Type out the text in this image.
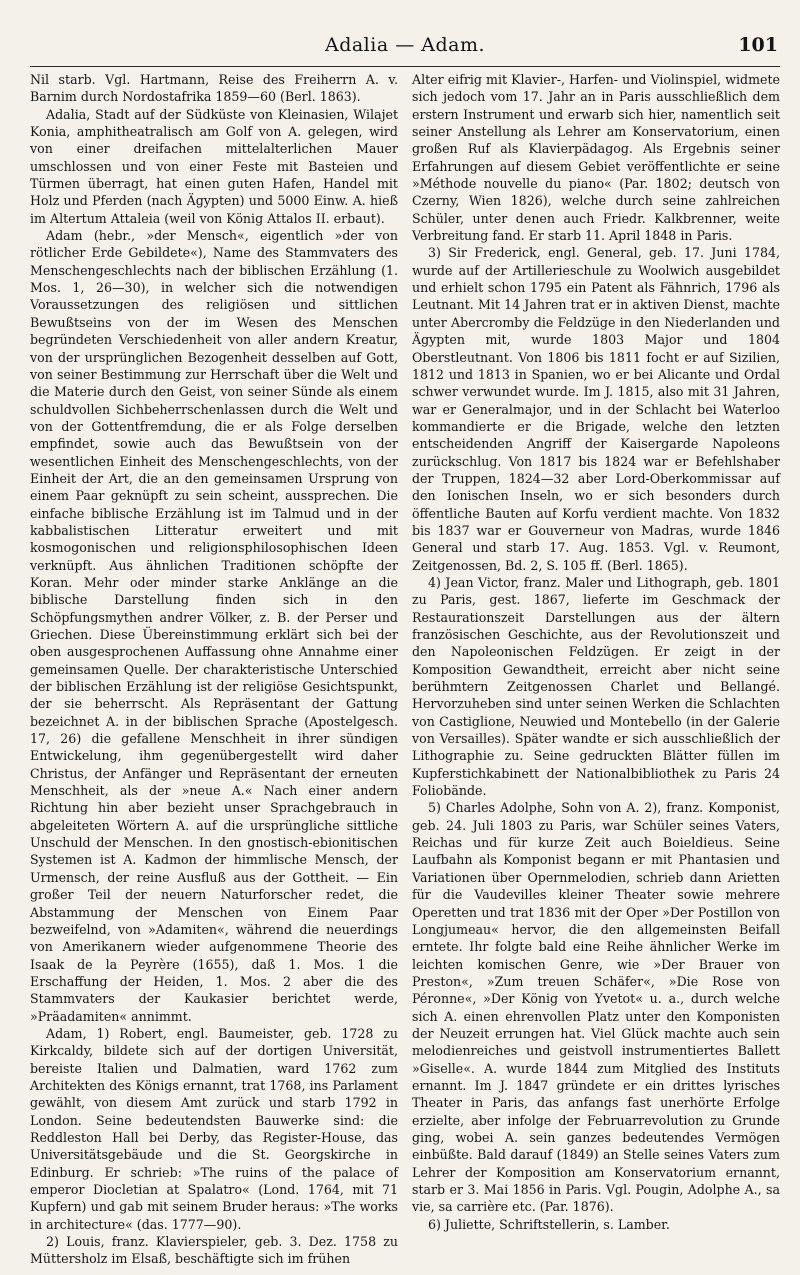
Adalia — Adam.	101

Nil starb. Vgl. Hartmann, Reise des Freiherrn A. v. Barnim durch Nordostafrika 1859—60 (Berl. 1863).

Adalia, Stadt auf der Südküste von Kleinasien, Wilajet Konia, amphitheatralisch am Golf von A. gelegen, wird von einer dreifachen mittelalterlichen Mauer umschlossen und von einer Feste mit Basteien und Türmen überragt, hat einen guten Hafen, Handel mit Holz und Pferden (nach Ägypten) und 5000 Einw. A. hieß im Altertum Attaleia (weil von König Attalos II. erbaut).

Adam (hebr., »der Mensch«, eigentlich »der von rötlicher Erde Gebildete«), Name des Stammvaters des Menschengeschlechts nach der biblischen Erzählung (1. Mos. 1, 26—30), in welcher sich die notwendigen Voraussetzungen des religiösen und sittlichen Bewußtseins von der im Wesen des Menschen begründeten Verschiedenheit von aller andern Kreatur, von der ursprünglichen Bezogenheit desselben auf Gott, von seiner Bestimmung zur Herrschaft über die Welt und die Materie durch den Geist, von seiner Sünde als einem schuldvollen Sichbeherrschenlassen durch die Welt und von der Gottentfremdung, die er als Folge derselben empfindet, sowie auch das Bewußtsein von der wesentlichen Einheit des Menschengeschlechts, von der Einheit der Art, die an den gemeinsamen Ursprung von einem Paar geknüpft zu sein scheint, aussprechen. Die einfache biblische Erzählung ist im Talmud und in der kabbalistischen Litteratur erweitert und mit kosmogonischen und religionsphilosophischen Ideen verknüpft. Aus ähnlichen Traditionen schöpfte der Koran. Mehr oder minder starke Anklänge an die biblische Darstellung finden sich in den Schöpfungsmythen andrer Völker, z. B. der Perser und Griechen. Diese Übereinstimmung erklärt sich bei der oben ausgesprochenen Auffassung ohne Annahme einer gemeinsamen Quelle. Der charakteristische Unterschied der biblischen Erzählung ist der religiöse Gesichtspunkt, der sie beherrscht. Als Repräsentant der Gattung bezeichnet A. in der biblischen Sprache (Apostelgesch. 17, 26) die gefallene Menschheit in ihrer sündigen Entwickelung, ihm gegenübergestellt wird daher Christus, der Anfänger und Repräsentant der erneuten Menschheit, als der »neue A.« Nach einer andern Richtung hin aber bezieht unser Sprachgebrauch in abgeleiteten Wörtern A. auf die ursprüngliche sittliche Unschuld der Menschen. In den gnostisch-ebionitischen Systemen ist A. Kadmon der himmlische Mensch, der Urmensch, der reine Ausfluß aus der Gottheit. — Ein großer Teil der neuern Naturforscher redet, die Abstammung der Menschen von Einem Paar bezweifelnd, von »Adamiten«, während die neuerdings von Amerikanern wieder aufgenommene Theorie des Isaak de la Peyrère (1655), daß 1. Mos. 1 die Erschaffung der Heiden, 1. Mos. 2 aber die des Stammvaters der Kaukasier berichtet werde, »Präadamiten« annimmt.

Adam, 1) Robert, engl. Baumeister, geb. 1728 zu Kirkcaldy, bildete sich auf der dortigen Universität, bereiste Italien und Dalmatien, ward 1762 zum Architekten des Königs ernannt, trat 1768, ins Parlament gewählt, von diesem Amt zurück und starb 1792 in London. Seine bedeutendsten Bauwerke sind: die Reddleston Hall bei Derby, das Register-House, das Universitätsgebäude und die St. Georgskirche in Edinburg. Er schrieb: »The ruins of the palace of emperor Diocletian at Spalatro« (Lond. 1764, mit 71 Kupfern) und gab mit seinem Bruder heraus: »The works in architecture« (das. 1777—90).

2) Louis, franz. Klavierspieler, geb. 3. Dez. 1758 zu Müttersholz im Elsaß, beschäftigte sich im frühen

Alter eifrig mit Klavier-, Harfen- und Violinspiel, widmete sich jedoch vom 17. Jahr an in Paris ausschließlich dem erstern Instrument und erwarb sich hier, namentlich seit seiner Anstellung als Lehrer am Konservatorium, einen großen Ruf als Klavierpädagog. Als Ergebnis seiner Erfahrungen auf diesem Gebiet veröffentlichte er seine »Méthode nouvelle du piano« (Par. 1802; deutsch von Czerny, Wien 1826), welche durch seine zahlreichen Schüler, unter denen auch Friedr. Kalkbrenner, weite Verbreitung fand. Er starb 11. April 1848 in Paris.

3) Sir Frederick, engl. General, geb. 17. Juni 1784, wurde auf der Artillerieschule zu Woolwich ausgebildet und erhielt schon 1795 ein Patent als Fähnrich, 1796 als Leutnant. Mit 14 Jahren trat er in aktiven Dienst, machte unter Abercromby die Feldzüge in den Niederlanden und Ägypten mit, wurde 1803 Major und 1804 Oberstleutnant. Von 1806 bis 1811 focht er auf Sizilien, 1812 und 1813 in Spanien, wo er bei Alicante und Ordal schwer verwundet wurde. Im J. 1815, also mit 31 Jahren, war er Generalmajor, und in der Schlacht bei Waterloo kommandierte er die Brigade, welche den letzten entscheidenden Angriff der Kaisergarde Napoleons zurückschlug. Von 1817 bis 1824 war er Befehlshaber der Truppen, 1824—32 aber Lord-Oberkommissar auf den Ionischen Inseln, wo er sich besonders durch öffentliche Bauten auf Korfu verdient machte. Von 1832 bis 1837 war er Gouverneur von Madras, wurde 1846 General und starb 17. Aug. 1853. Vgl. v. Reumont, Zeitgenossen, Bd. 2, S. 105 ff. (Berl. 1865).

4) Jean Victor, franz. Maler und Lithograph, geb. 1801 zu Paris, gest. 1867, lieferte im Geschmack der Restaurationszeit Darstellungen aus der ältern französischen Geschichte, aus der Revolutionszeit und den Napoleonischen Feldzügen. Er zeigt in der Komposition Gewandtheit, erreicht aber nicht seine berühmtern Zeitgenossen Charlet und Bellangé. Hervorzuheben sind unter seinen Werken die Schlachten von Castiglione, Neuwied und Montebello (in der Galerie von Versailles). Später wandte er sich ausschließlich der Lithographie zu. Seine gedruckten Blätter füllen im Kupferstichkabinett der Nationalbibliothek zu Paris 24 Foliobände.

5) Charles Adolphe, Sohn von A. 2), franz. Komponist, geb. 24. Juli 1803 zu Paris, war Schüler seines Vaters, Reichas und für kurze Zeit auch Boieldieus. Seine Laufbahn als Komponist begann er mit Phantasien und Variationen über Opernmelodien, schrieb dann Arietten für die Vaudevilles kleiner Theater sowie mehrere Operetten und trat 1836 mit der Oper »Der Postillon von Longjumeau« hervor, die den allgemeinsten Beifall erntete. Ihr folgte bald eine Reihe ähnlicher Werke im leichten komischen Genre, wie »Der Brauer von Preston«, »Zum treuen Schäfer«, »Die Rose von Péronne«, »Der König von Yvetot« u. a., durch welche sich A. einen ehrenvollen Platz unter den Komponisten der Neuzeit errungen hat. Viel Glück machte auch sein melodienreiches und geistvoll instrumentiertes Ballett »Giselle«. A. wurde 1844 zum Mitglied des Instituts ernannt. Im J. 1847 gründete er ein drittes lyrisches Theater in Paris, das anfangs fast unerhörte Erfolge erzielte, aber infolge der Februarrevolution zu Grunde ging, wobei A. sein ganzes bedeutendes Vermögen einbüßte. Bald darauf (1849) an Stelle seines Vaters zum Lehrer der Komposition am Konservatorium ernannt, starb er 3. Mai 1856 in Paris. Vgl. Pougin, Adolphe A., sa vie, sa carrière etc. (Par. 1876).

6) Juliette, Schriftstellerin, s. Lamber.
